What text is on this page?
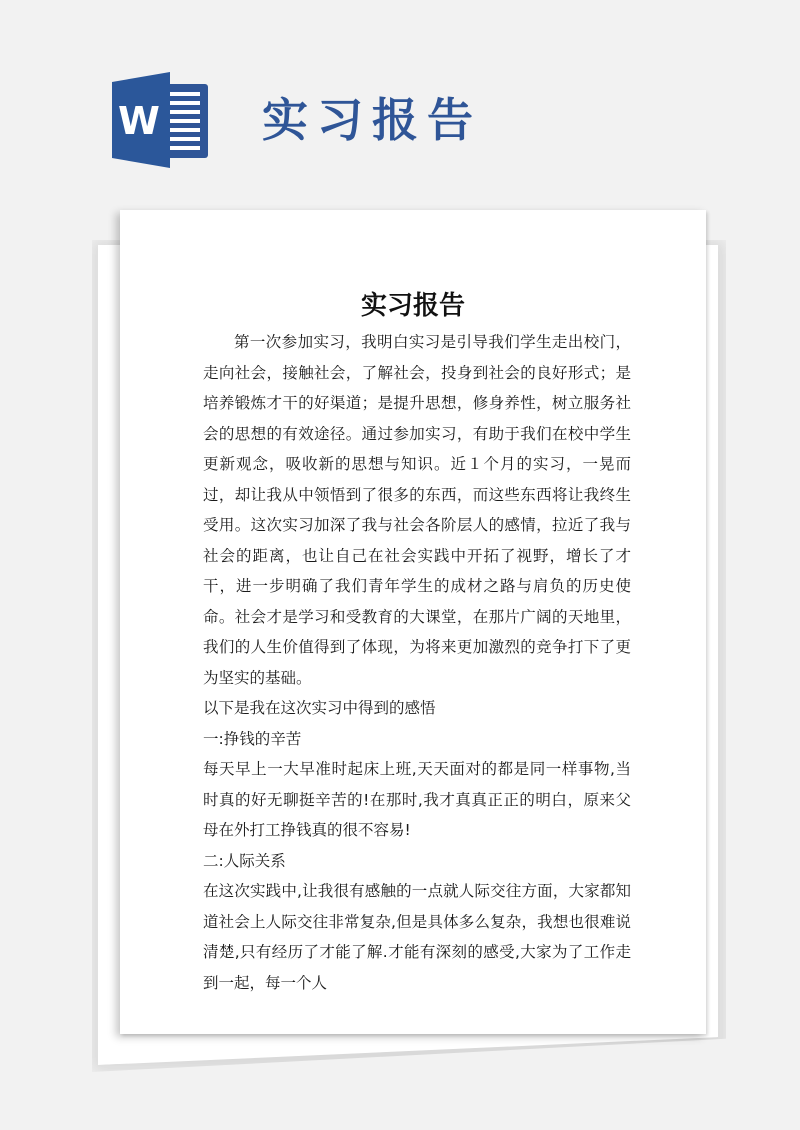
W 实习报告
实习报告

第一次参加实习，我明白实习是引导我们学生走出校门，走向社会，接触社会，了解社会，投身到社会的良好形式；是培养锻炼才干的好渠道；是提升思想，修身养性，树立服务社会的思想的有效途径。通过参加实习，有助于我们在校中学生更新观念，吸收新的思想与知识。近１个月的实习，一晃而过，却让我从中领悟到了很多的东西，而这些东西将让我终生受用。这次实习加深了我与社会各阶层人的感情，拉近了我与社会的距离，也让自己在社会实践中开拓了视野，增长了才干，进一步明确了我们青年学生的成材之路与肩负的历史使命。社会才是学习和受教育的大课堂，在那片广阔的天地里，我们的人生价值得到了体现，为将来更加激烈的竞争打下了更为坚实的基础。

以下是我在这次实习中得到的感悟

一:挣钱的辛苦

每天早上一大早准时起床上班,天天面对的都是同一样事物,当时真的好无聊挺辛苦的!在那时,我才真真正正的明白，原来父母在外打工挣钱真的很不容易!

二:人际关系

在这次实践中,让我很有感触的一点就人际交往方面，大家都知道社会上人际交往非常复杂,但是具体多么复杂，我想也很难说清楚,只有经历了才能了解.才能有深刻的感受,大家为了工作走到一起，每一个人
